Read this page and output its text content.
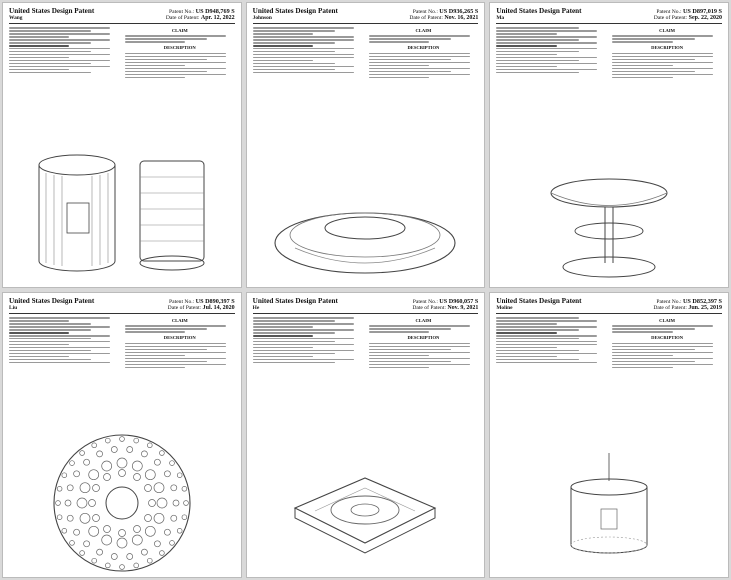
United States Design Patent
Wang
Patent No.: US D948,769 S
Date of Patent: Apr. 12, 2022
CLAIM
DESCRIPTION
United States Design Patent
Johnson
Patent No.: US D936,265 S
Date of Patent: Nov. 16, 2021
CLAIM
DESCRIPTION
United States Design Patent
Ma
Patent No.: US D897,019 S
Date of Patent: Sep. 22, 2020
CLAIM
DESCRIPTION
United States Design Patent
Liu
Patent No.: US D890,397 S
Date of Patent: Jul. 14, 2020
CLAIM
DESCRIPTION
United States Design Patent
He
Patent No.: US D960,057 S
Date of Patent: Nov. 9, 2021
CLAIM
DESCRIPTION
United States Design Patent
Moline
Patent No.: US D852,397 S
Date of Patent: Jun. 25, 2019
CLAIM
DESCRIPTION
